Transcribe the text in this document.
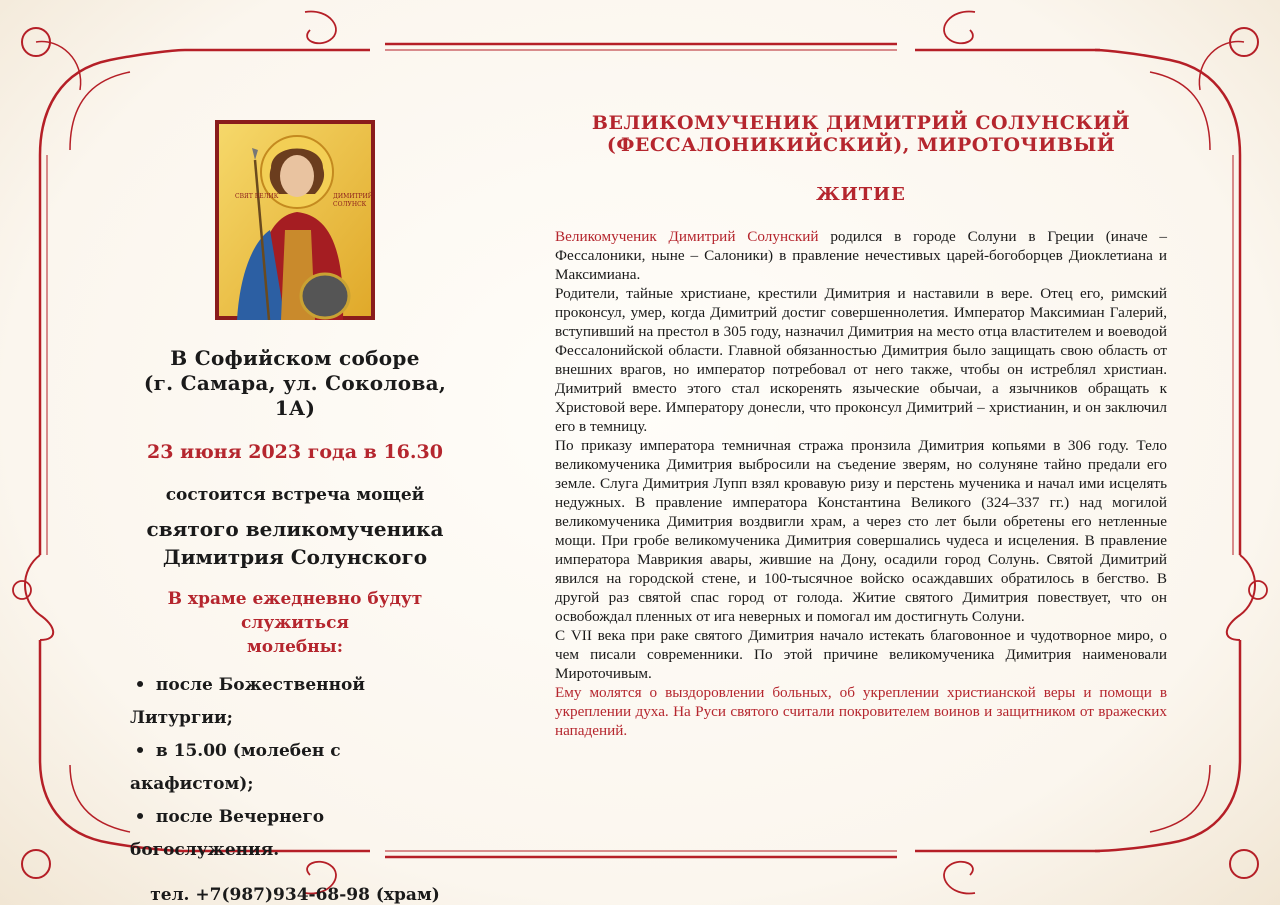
СВЯТ ВЕЛИК	ДИМИТРИЙ
СОЛУНСК
В Софийском соборе
(г. Самара, ул. Соколова, 1А)
23 июня 2023 года в 16.30
состоится встреча мощей
святого великомученика
Димитрия Солунского
В храме ежедневно будут служиться
молебны:
• после Божественной Литургии;
• в 15.00 (молебен с акафистом);
• после Вечернего богослужения.
тел. +7(987)934-68-98 (храм)
ВЕЛИКОМУЧЕНИК ДИМИТРИЙ СОЛУНСКИЙ
(ФЕССАЛОНИКИЙСКИЙ), МИРОТОЧИВЫЙ
ЖИТИЕ

Великомученик Димитрий Солунский родился в городе Солуни в Греции (иначе – Фессалоники, ныне – Салоники) в правление нечестивых царей-богоборцев Диоклетиана и Максимиана.

Родители, тайные христиане, крестили Димитрия и наставили в вере. Отец его, римский проконсул, умер, когда Димитрий достиг совершеннолетия. Император Максимиан Галерий, вступивший на престол в 305 году, назначил Димитрия на место отца властителем и воеводой Фессалонийской области. Главной обязанностью Димитрия было защищать свою область от внешних врагов, но император потребовал от него также, чтобы он истреблял христиан. Димитрий вместо этого стал искоренять языческие обычаи, а язычников обращать к Христовой вере. Императору донесли, что проконсул Димитрий – христианин, и он заключил его в темницу.

По приказу императора темничная стража пронзила Димитрия копьями в 306 году. Тело великомученика Димитрия выбросили на съедение зверям, но солуняне тайно предали его земле. Слуга Димитрия Лупп взял кровавую ризу и перстень мученика и начал ими исцелять недужных. В правление императора Константина Великого (324–337 гг.) над могилой великомученика Димитрия воздвигли храм, а через сто лет были обретены его нетленные мощи. При гробе великомученика Димитрия совершались чудеса и исцеления. В правление императора Маврикия авары, жившие на Дону, осадили город Солунь. Святой Димитрий явился на городской стене, и 100-тысячное войско осаждавших обратилось в бегство. В другой раз святой спас город от голода. Житие святого Димитрия повествует, что он освобождал пленных от ига неверных и помогал им достигнуть Солуни.

С VII века при раке святого Димитрия начало истекать благовонное и чудотворное миро, о чем писали современники. По этой причине великомученика Димитрия наименовали Мироточивым.

Ему молятся о выздоровлении больных, об укреплении христианской веры и помощи в укреплении духа. На Руси святого считали покровителем воинов и защитником от вражеских нападений.
